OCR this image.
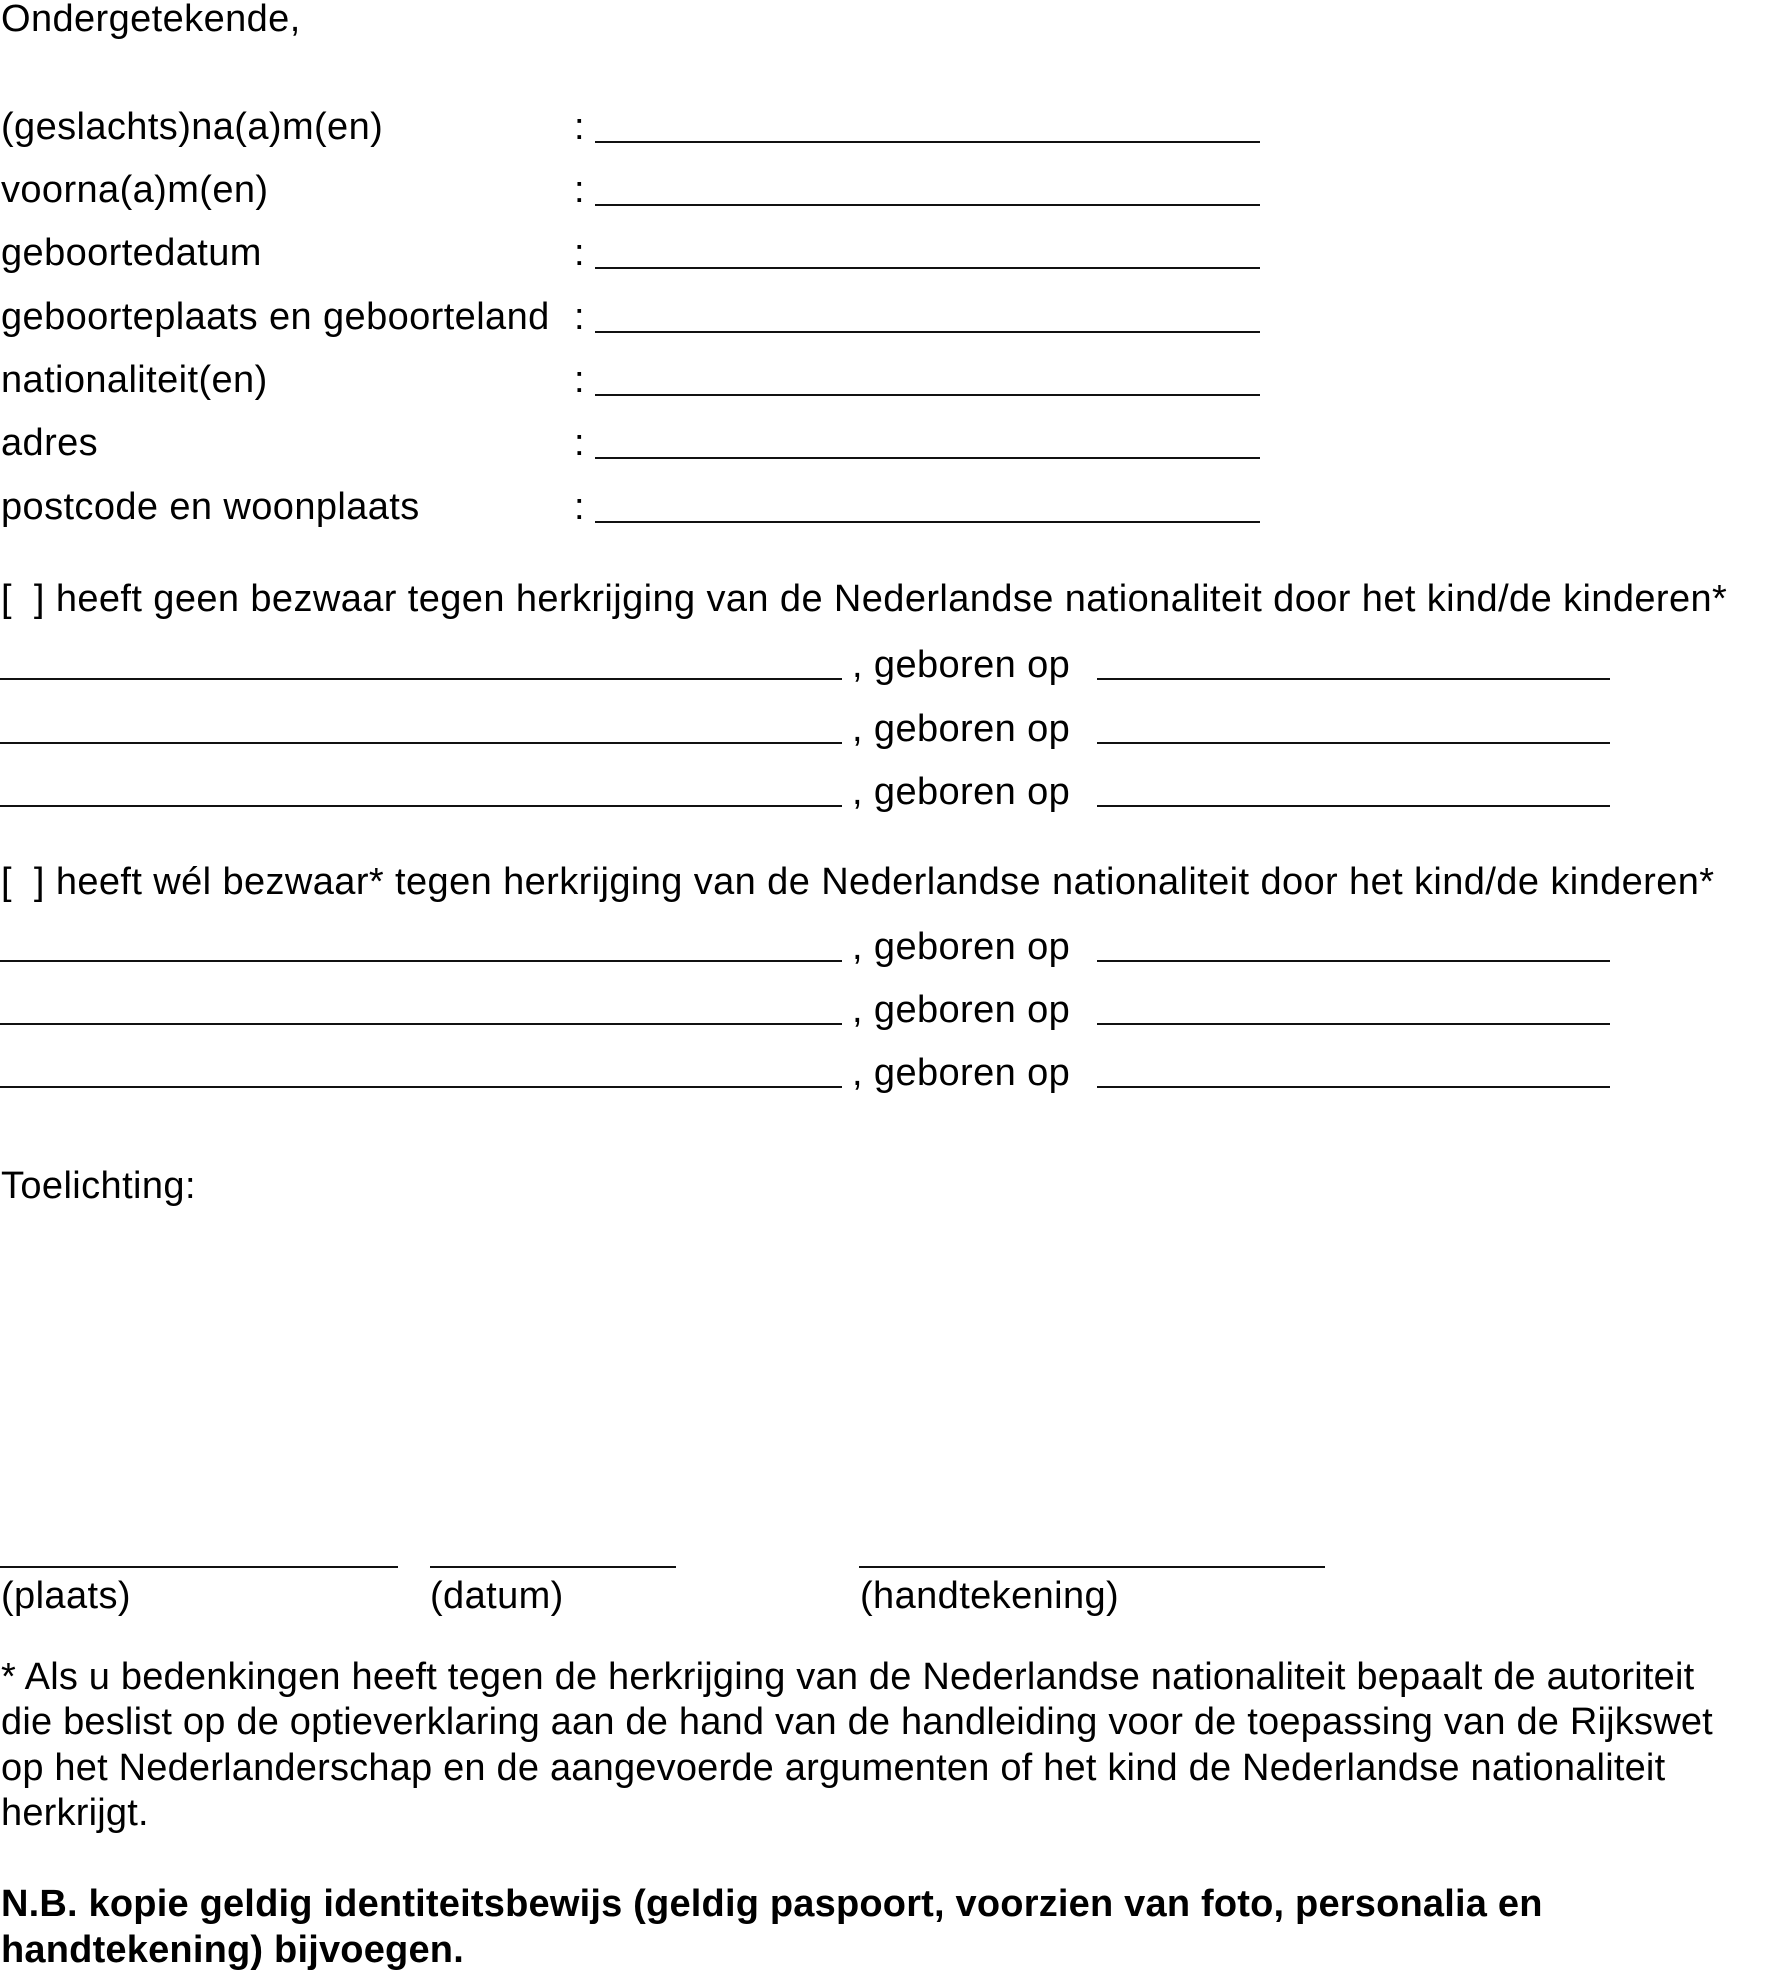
Ondergetekende,
(geslachts)na(a)m(en)	:
voorna(a)m(en)	:
geboortedatum	:
geboorteplaats en geboorteland :
nationaliteit(en)	:
adres	:
postcode en woonplaats	:
[  ] heeft geen bezwaar tegen herkrijging van de Nederlandse nationaliteit door het kind/de kinderen*
, geboren op
, geboren op
, geboren op
[  ] heeft wél bezwaar* tegen herkrijging van de Nederlandse nationaliteit door het kind/de kinderen*
, geboren op
, geboren op
, geboren op
Toelichting:
(plaats)	(datum)	(handtekening)
* Als u bedenkingen heeft tegen de herkrijging van de Nederlandse nationaliteit bepaalt de autoriteit
die beslist op de optieverklaring aan de hand van de handleiding voor de toepassing van de Rijkswet
op het Nederlanderschap en de aangevoerde argumenten of het kind de Nederlandse nationaliteit
herkrijgt.
N.B. kopie geldig identiteitsbewijs (geldig paspoort, voorzien van foto, personalia en
handtekening) bijvoegen.
